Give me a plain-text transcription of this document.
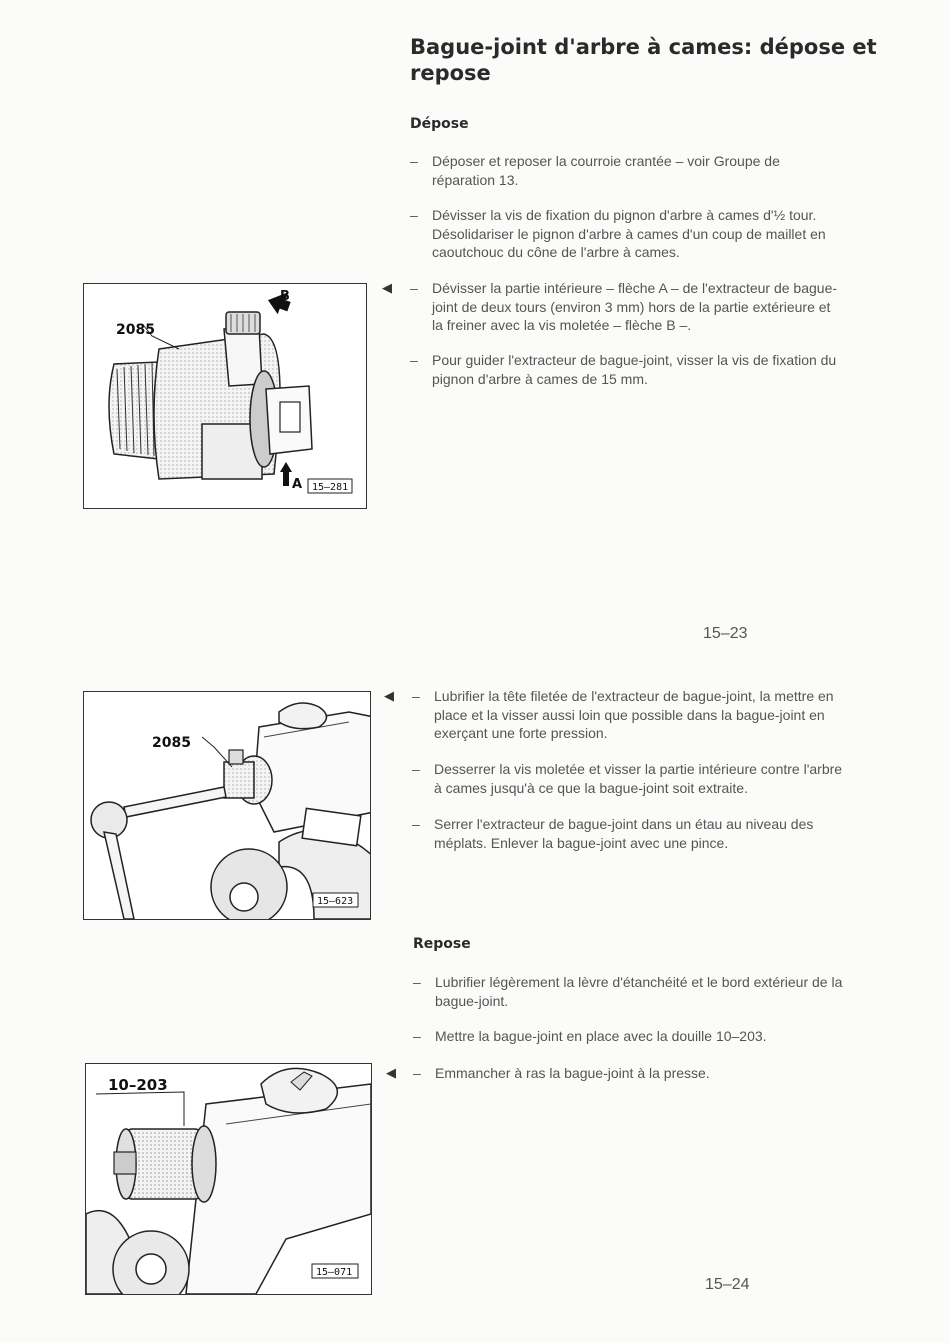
Bague-joint d'arbre à cames: dépose et repose
Dépose
–	Déposer et reposer la courroie crantée – voir Groupe de réparation 13.
–	Dévisser la vis de fixation du pignon d'arbre à cames d'½ tour. Désolidariser le pignon d'arbre à cames d'un coup de maillet en caoutchouc du cône de l'arbre à cames.
◀ –	Dévisser la partie intérieure – flèche A – de l'extracteur de bague-joint de deux tours (environ 3 mm) hors de la partie extérieure et la freiner avec la vis moletée – flèche B –.
–	Pour guider l'extracteur de bague-joint, visser la vis de fixation du pignon d'arbre à cames de 15 mm.
B
A
2085
15–281
15–23
◀ –	Lubrifier la tête filetée de l'extracteur de bague-joint, la mettre en place et la visser aussi loin que possible dans la bague-joint en exerçant une forte pression.
–	Desserrer la vis moletée et visser la partie intérieure contre l'arbre à cames jusqu'à ce que la bague-joint soit extraite.
–	Serrer l'extracteur de bague-joint dans un étau au niveau des méplats. Enlever la bague-joint avec une pince.
2085
15–623
Repose
–	Lubrifier légèrement la lèvre d'étanchéité et le bord extérieur de la bague-joint.
–	Mettre la bague-joint en place avec la douille 10–203.
◀ –	Emmancher à ras la bague-joint à la presse.
10–203
15–071
15–24
